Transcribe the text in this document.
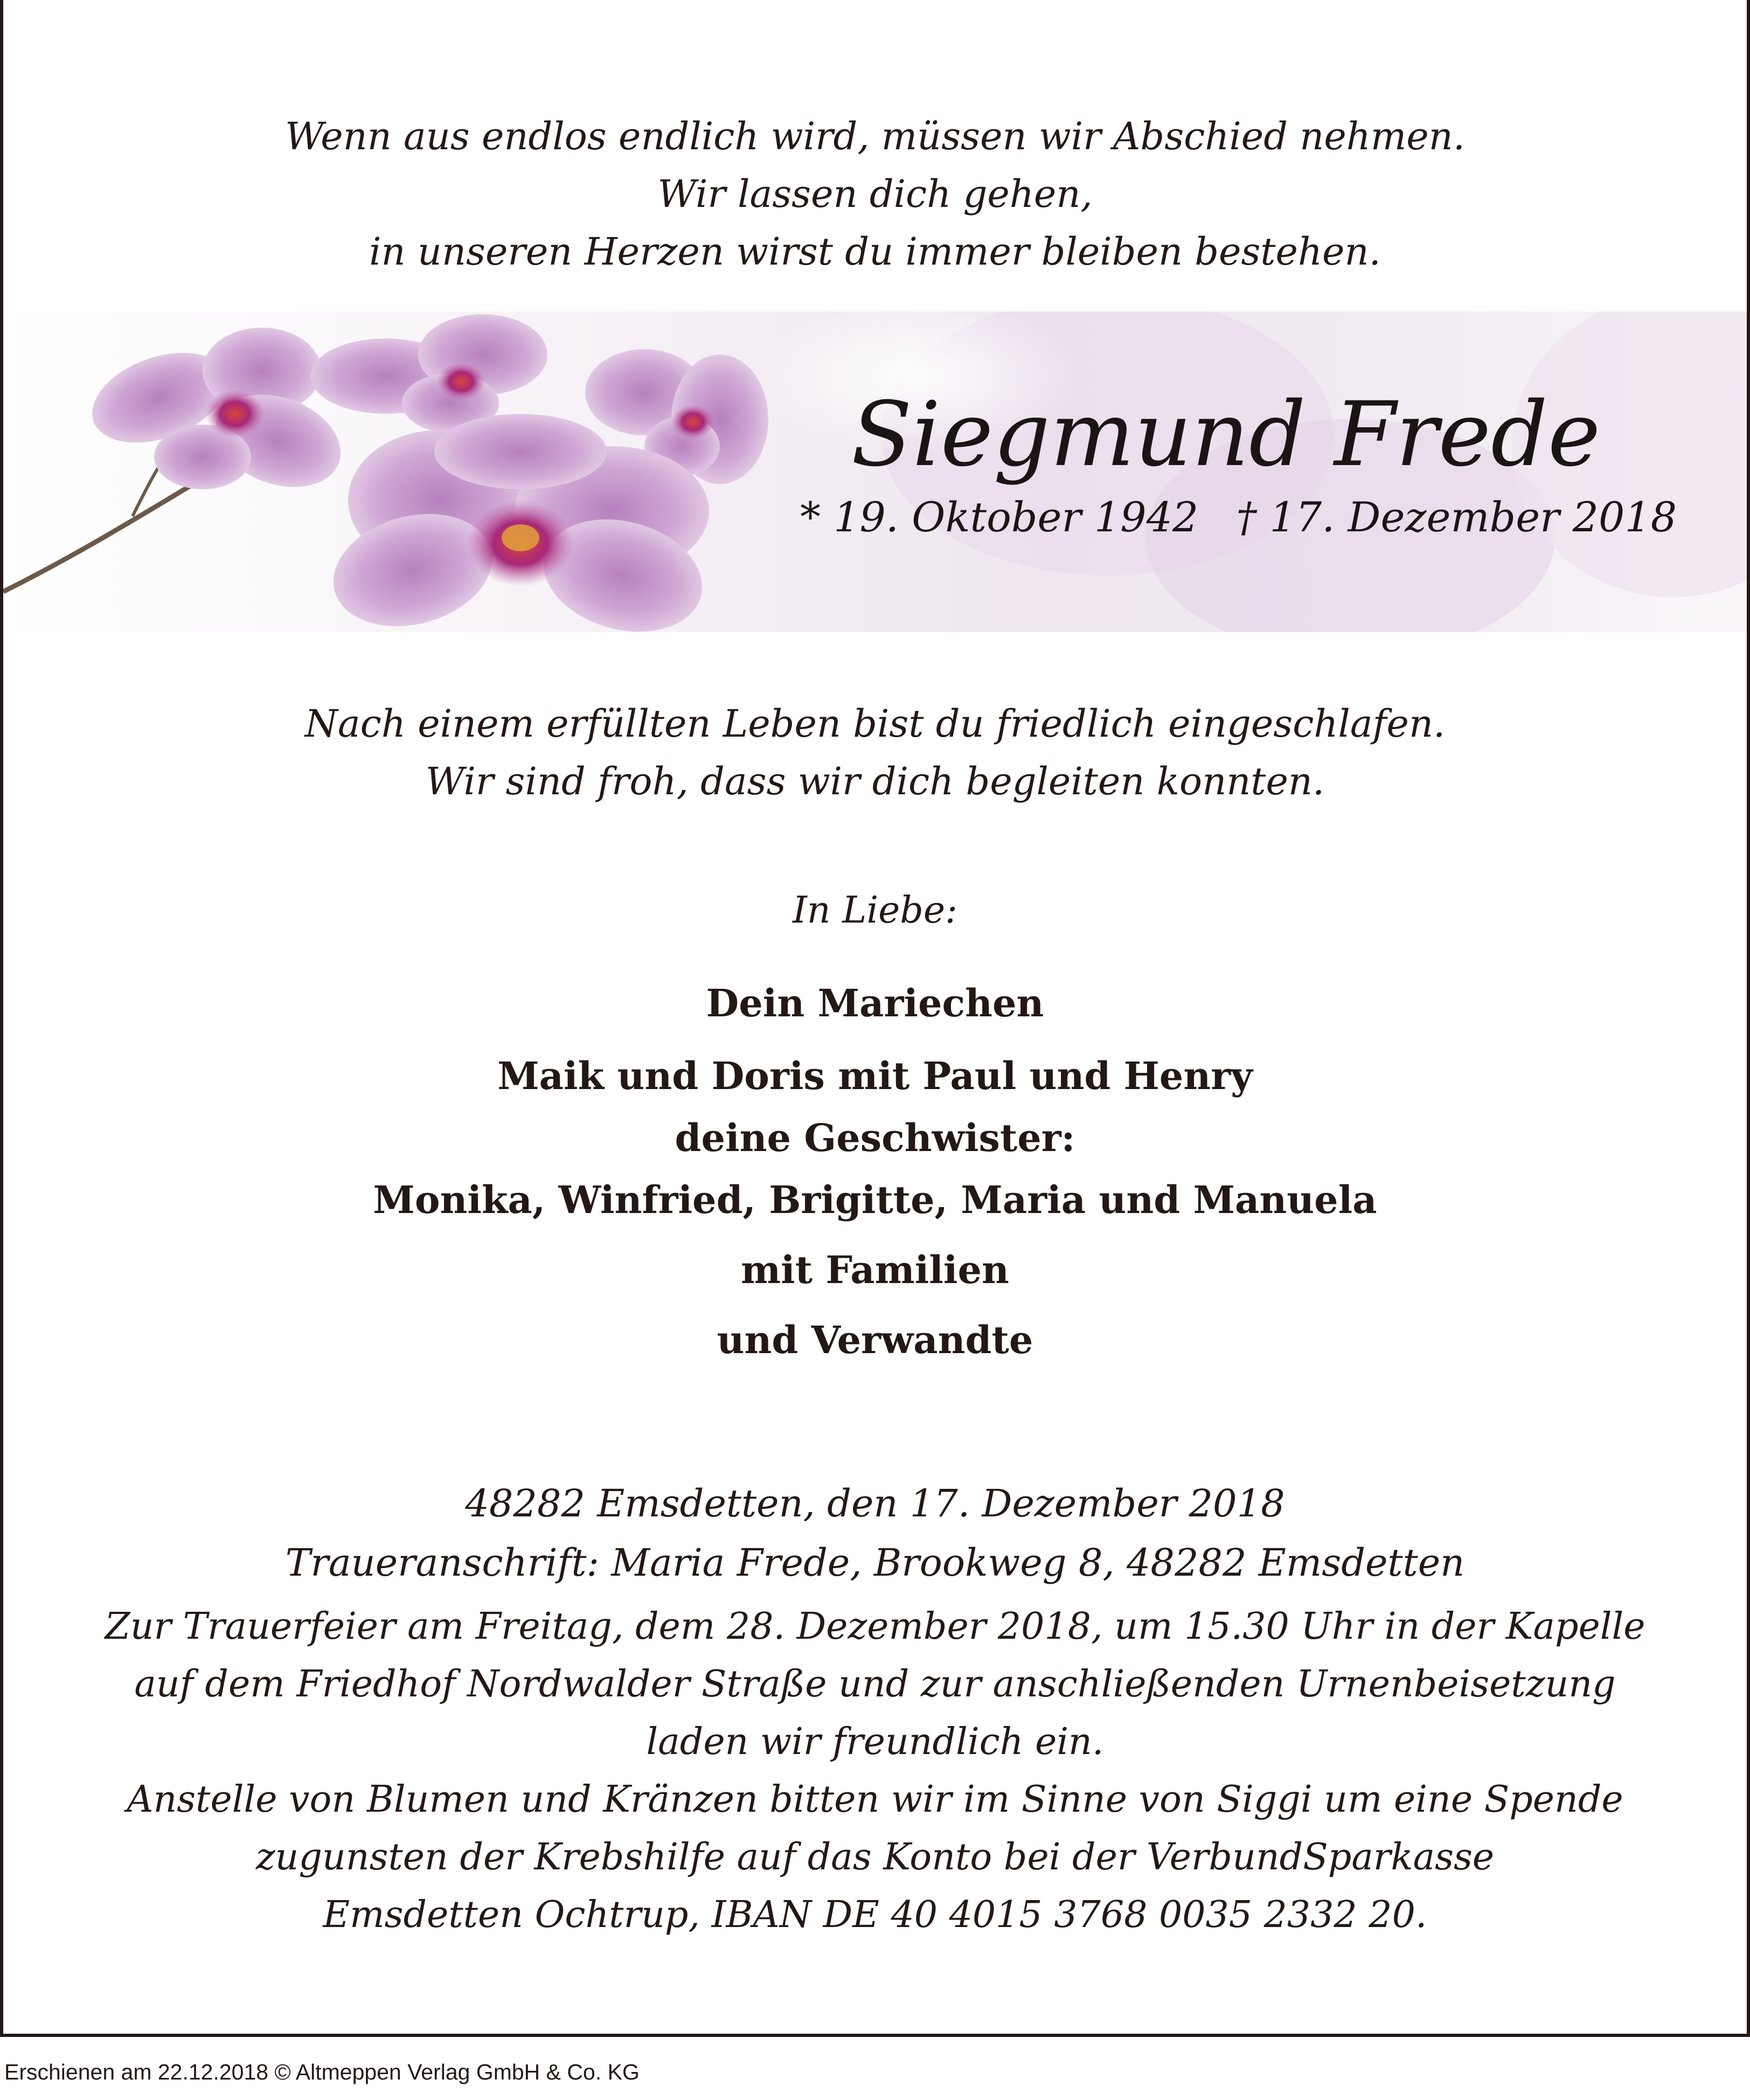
Wenn aus endlos endlich wird, müssen wir Abschied nehmen.
Wir lassen dich gehen,
in unseren Herzen wirst du immer bleiben bestehen.
Siegmund Frede
* 19. Oktober 1942 † 17. Dezember 2018
Nach einem erfüllten Leben bist du friedlich eingeschlafen.
Wir sind froh, dass wir dich begleiten konnten.
In Liebe:
Dein Mariechen
Maik und Doris mit Paul und Henry
deine Geschwister:
Monika, Winfried, Brigitte, Maria und Manuela
mit Familien
und Verwandte
48282 Emsdetten, den 17. Dezember 2018
Traueranschrift: Maria Frede, Brookweg 8, 48282 Emsdetten
Zur Trauerfeier am Freitag, dem 28. Dezember 2018, um 15.30 Uhr in der Kapelle
auf dem Friedhof Nordwalder Straße und zur anschließenden Urnenbeisetzung
laden wir freundlich ein.
Anstelle von Blumen und Kränzen bitten wir im Sinne von Siggi um eine Spende
zugunsten der Krebshilfe auf das Konto bei der VerbundSparkasse
Emsdetten Ochtrup, IBAN DE 40 4015 3768 0035 2332 20.
Erschienen am 22.12.2018 © Altmeppen Verlag GmbH & Co. KG
